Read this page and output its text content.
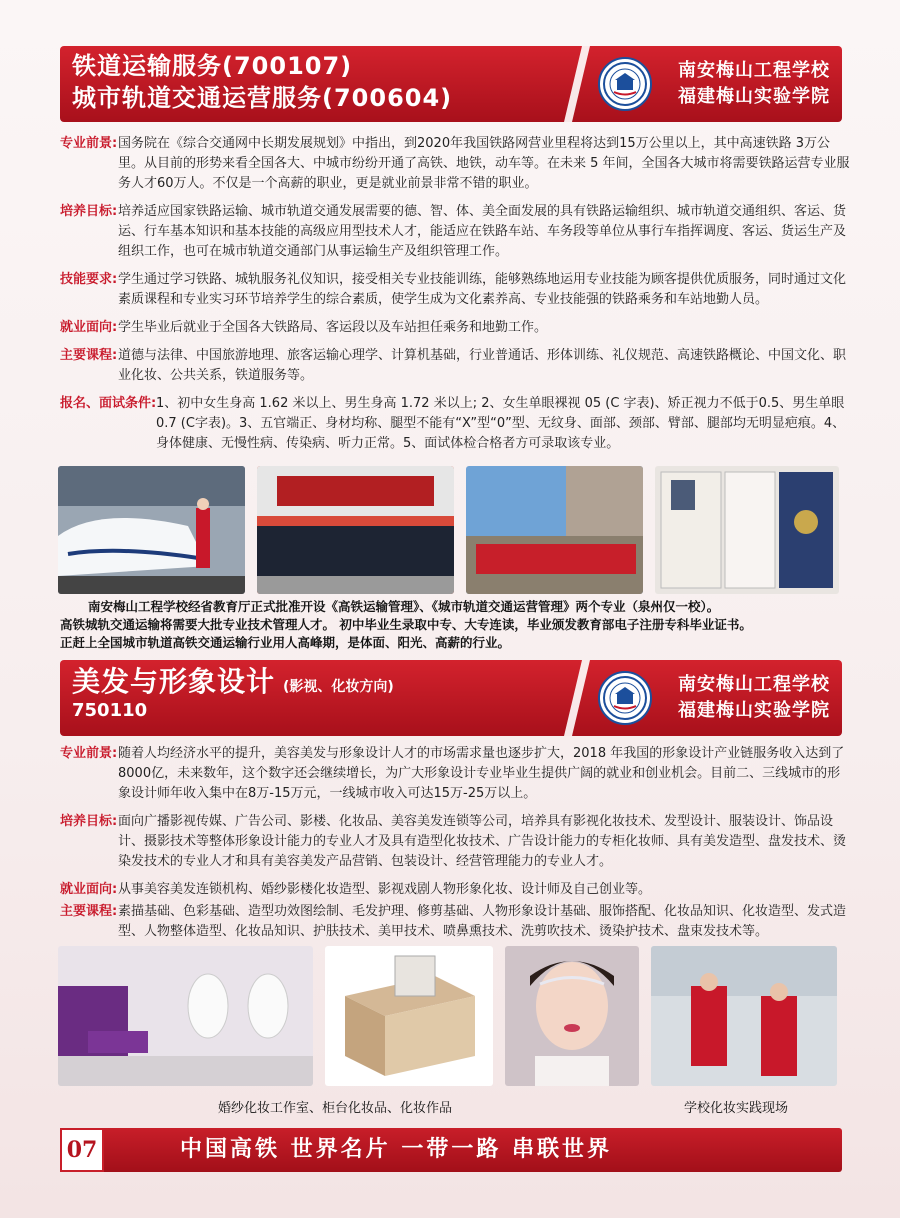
铁道运输服务(700107)
城市轨道交通运营服务(700604)
南安梅山工程学校
福建梅山实验学院
专业前景: 国务院在《综合交通网中长期发展规划》中指出，到2020年我国铁路网营业里程将达到15万公里以上，其中高速铁路 3万公里。从目前的形势来看全国各大、中城市纷纷开通了高铁、地铁，动车等。在未来 5 年间，全国各大城市将需要铁路运营专业服务人才60万人。不仅是一个高薪的职业，更是就业前景非常不错的职业。
培养目标: 培养适应国家铁路运输、城市轨道交通发展需要的德、智、体、美全面发展的具有铁路运输组织、城市轨道交通组织、客运、货运、行车基本知识和基本技能的高级应用型技术人才，能适应在铁路车站、车务段等单位从事行车指挥调度、客运、货运生产及组织工作，也可在城市轨道交通部门从事运输生产及组织管理工作。
技能要求: 学生通过学习铁路、城轨服务礼仪知识，接受相关专业技能训练，能够熟练地运用专业技能为顾客提供优质服务，同时通过文化素质课程和专业实习环节培养学生的综合素质，使学生成为文化素养高、专业技能强的铁路乘务和车站地勤人员。
就业面向: 学生毕业后就业于全国各大铁路局、客运段以及车站担任乘务和地勤工作。
主要课程: 道德与法律、中国旅游地理、旅客运输心理学、计算机基础，行业普通话、形体训练、礼仪规范、高速铁路概论、中国文化、职业化妆、公共关系，铁道服务等。
报名、面试条件: 1、初中女生身高 1.62 米以上、男生身高 1.72 米以上; 2、女生单眼裸视 05 (C 字表)、矫正视力不低于0.5、男生单眼0.7 (C字表)。3、五官端正、身材均称、腿型不能有“X”型“0”型、无纹身、面部、颈部、臂部、腿部均无明显疤痕。4、身体健康、无慢性病、传染病、听力正常。5、面试体检合格者方可录取该专业。
南安梅山工程学校经省教育厅正式批准开设《高铁运输管理》、《城市轨道交通运营管理》两个专业（泉州仅一校）。
高铁城轨交通运输将需要大批专业技术管理人才。 初中毕业生录取中专、大专连读，毕业颁发教育部电子注册专科毕业证书。
正赶上全国城市轨道高铁交通运输行业用人高峰期，是体面、阳光、高薪的行业。
美发与形象设计 (影视、化妆方向)
750110
南安梅山工程学校
福建梅山实验学院
专业前景: 随着人均经济水平的提升，美容美发与形象设计人才的市场需求量也逐步扩大，2018 年我国的形象设计产业链服务收入达到了 8000亿，未来数年，这个数字还会继续增长，为广大形象设计专业毕业生提供广阔的就业和创业机会。目前二、三线城市的形象设计师年收入集中在8万-15万元，一线城市收入可达15万-25万以上。
培养目标: 面向广播影视传媒、广告公司、影楼、化妆品、美容美发连锁等公司，培养具有影视化妆技术、发型设计、服装设计、饰品设计、摄影技术等整体形象设计能力的专业人才及具有造型化妆技术、广告设计能力的专柜化妆师、具有美发造型、盘发技术、烫染发技术的专业人才和具有美容美发产品营销、包装设计、经营管理能力的专业人才。
就业面向: 从事美容美发连锁机构、婚纱影楼化妆造型、影视戏剧人物形象化妆、设计师及自己创业等。
主要课程: 素描基础、色彩基础、造型功效图绘制、毛发护理、修剪基础、人物形象设计基础、服饰搭配、化妆品知识、化妆造型、发式造型、人物整体造型、化妆品知识、护肤技术、美甲技术、喷鼻熏技术、洗剪吹技术、烫染护技术、盘束发技术等。
婚纱化妆工作室、柜台化妆品、化妆作品	学校化妆实践现场
07	中国高铁 世界名片 一带一路 串联世界
